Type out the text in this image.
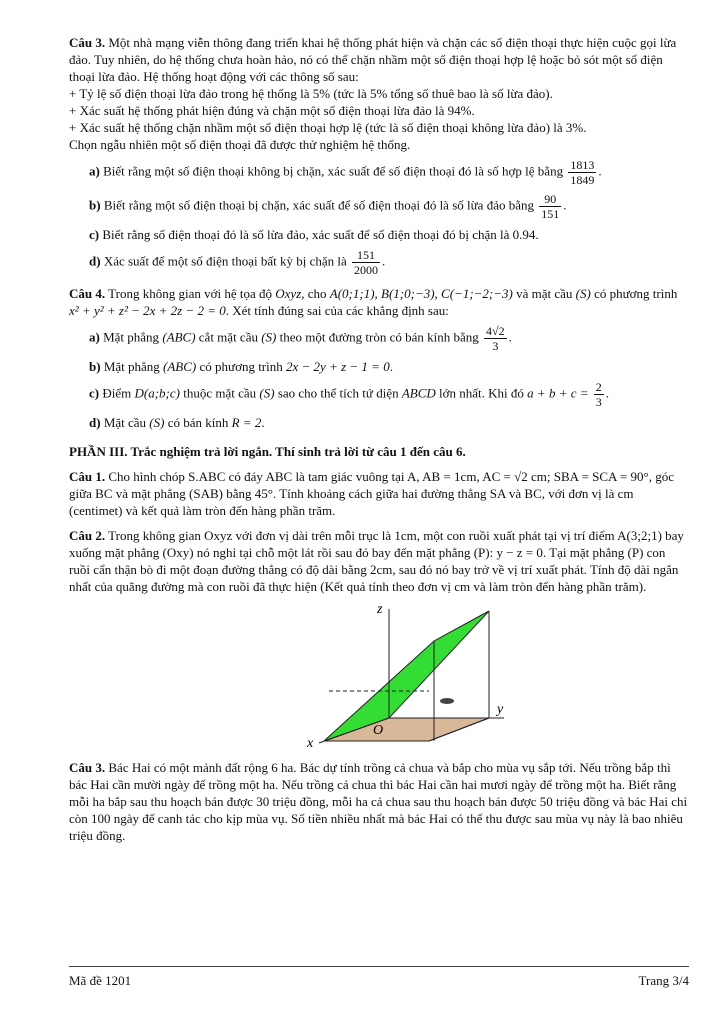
Câu 3. Một nhà mạng viễn thông đang triển khai hệ thống phát hiện và chặn các số điện thoại thực hiện cuộc gọi lừa đảo. Tuy nhiên, do hệ thống chưa hoàn hảo, nó có thể chặn nhầm một số điện thoại hợp lệ hoặc bỏ sót một số điện thoại lừa đảo. Hệ thống hoạt động với các thông số sau:

+ Tỷ lệ số điện thoại lừa đảo trong hệ thống là 5% (tức là 5% tổng số thuê bao là số lừa đảo).

+ Xác suất hệ thống phát hiện đúng và chặn một số điện thoại lừa đảo là 94%.

+ Xác suất hệ thống chặn nhầm một số điện thoại hợp lệ (tức là số điện thoại không lừa đảo) là 3%.

Chọn ngẫu nhiên một số điện thoại đã được thử nghiệm hệ thống.

a) Biết rằng một số điện thoại không bị chặn, xác suất để số điện thoại đó là số hợp lệ bằng $\frac{1813}{1849}$ .

b) Biết rằng một số điện thoại bị chặn, xác suất để số điện thoại đó là số lừa đảo bằng $\frac{90}{151}$ .

c) Biết rằng số điện thoại đó là số lừa đảo, xác suất để số điện thoại đó bị chặn là 0.94.

d) Xác suất để một số điện thoại bất kỳ bị chặn là $\frac{151}{2000}$ .

Câu 4. Trong không gian với hệ tọa độ Oxyz, cho A(0;1;1), B(1;0;−3), C(−1;−2;−3) và mặt cầu (S) có phương trình x² + y² + z² − 2x + 2z − 2 = 0. Xét tính đúng sai của các khẳng định sau:

a) Mặt phẳng (ABC) cắt mặt cầu (S) theo một đường tròn có bán kính bằng $\frac{4√2}{3}$ .

b) Mặt phẳng (ABC) có phương trình 2x − 2y + z − 1 = 0.

c) Điểm D(a;b;c) thuộc mặt cầu (S) sao cho thể tích tứ diện ABCD lớn nhất. Khi đó $a + b + c = \frac{2}{3}$ .

d) Mặt cầu (S) có bán kính R = 2.

PHẦN III. Trắc nghiệm trả lời ngắn. Thí sinh trả lời từ câu 1 đến câu 6.

Câu 1. Cho hình chóp S.ABC có đáy ABC là tam giác vuông tại A, AB = 1cm, AC = √2 cm; SBA = SCA = 90°, góc giữa BC và mặt phẳng (SAB) bằng 45°. Tính khoảng cách giữa hai đường thẳng SA và BC, với đơn vị là cm (centimet) và kết quả làm tròn đến hàng phần trăm.

Câu 2. Trong không gian Oxyz với đơn vị dài trên mỗi trục là 1cm, một con ruồi xuất phát tại vị trí điểm A(3;2;1) bay xuống mặt phẳng (Oxy) nó nghỉ tại chỗ một lát rồi sau đó bay đến mặt phẳng (P): y − z = 0. Tại mặt phẳng (P) con ruồi cẩn thận bò đi một đoạn đường thẳng có độ dài bằng 2cm, sau đó nó bay trở về vị trí xuất phát. Tính độ dài ngắn nhất của quãng đường mà con ruồi đã thực hiện (Kết quả tính theo đơn vị cm và làm tròn đến hàng phần trăm).

z
x
y
O

Câu 3. Bác Hai có một mảnh đất rộng 6 ha. Bác dự tính trồng cả chua và bắp cho mùa vụ sắp tới. Nếu trồng bắp thì bác Hai cần mười ngày để trồng một ha. Nếu trồng cả chua thì bác Hai cần hai mươi ngày để trồng một ha. Biết rằng mỗi ha bắp sau thu hoạch bán được 30 triệu đồng, mỗi ha cả chua sau thu hoạch bán được 50 triệu đồng và bác Hai chỉ còn 100 ngày để canh tác cho kịp mùa vụ. Số tiền nhiều nhất mà bác Hai có thể thu được sau mùa vụ này là bao nhiêu triệu đồng.

Mã đề 1201	Trang 3/4
